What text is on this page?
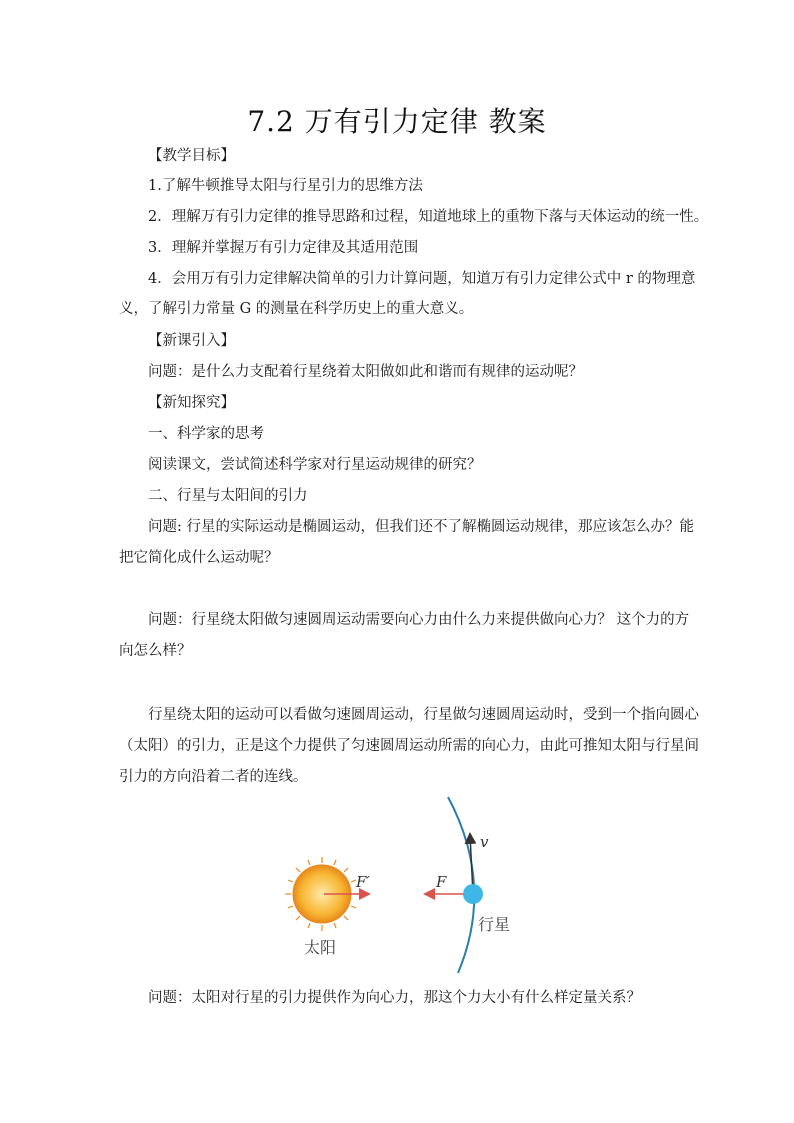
7.2 万有引力定律 教案
【教学目标】
1.了解牛顿推导太阳与行星引力的思维方法
2．理解万有引力定律的推导思路和过程，知道地球上的重物下落与天体运动的统一性。
3．理解并掌握万有引力定律及其适用范围
4．会用万有引力定律解决简单的引力计算问题，知道万有引力定律公式中 r 的物理意
义，了解引力常量 G 的测量在科学历史上的重大意义。
【新课引入】
问题：是什么力支配着行星绕着太阳做如此和谐而有规律的运动呢？
【新知探究】
一、科学家的思考
阅读课文，尝试简述科学家对行星运动规律的研究？
二、行星与太阳间的引力
问题: 行星的实际运动是椭圆运动，但我们还不了解椭圆运动规律，那应该怎么办？能
把它简化成什么运动呢？
问题：行星绕太阳做匀速圆周运动需要向心力由什么力来提供做向心力？ 这个力的方
向怎么样？
行星绕太阳的运动可以看做匀速圆周运动，行星做匀速圆周运动时，受到一个指向圆心
（太阳）的引力，正是这个力提供了匀速圆周运动所需的向心力，由此可推知太阳与行星间
引力的方向沿着二者的连线。
F′
v
F
太阳
行星
问题：太阳对行星的引力提供作为向心力，那这个力大小有什么样定量关系？
